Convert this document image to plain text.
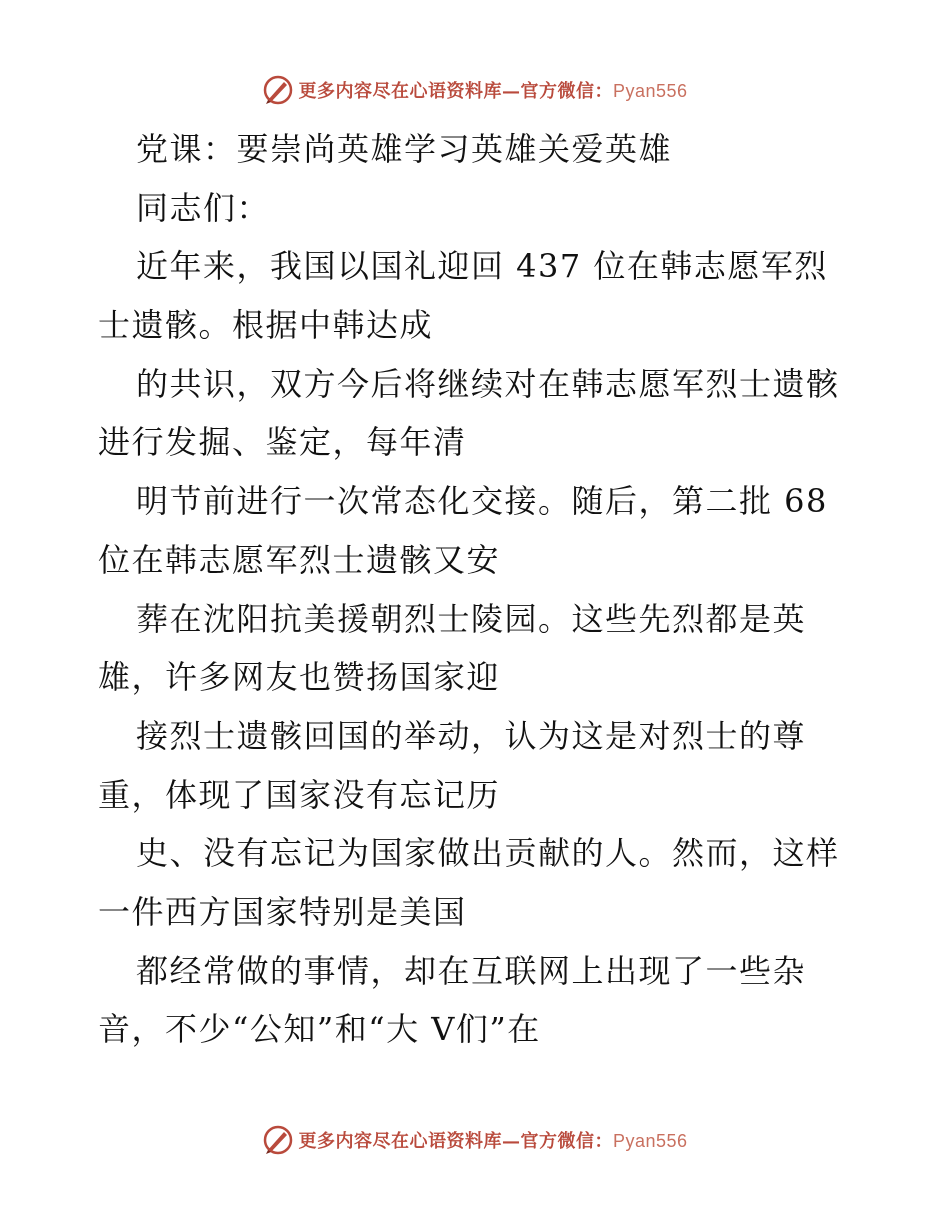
更多内容尽在心语资料库—官方微信：Pyan556
党课：要崇尚英雄学习英雄关爱英雄
同志们：
近年来，我国以国礼迎回 437 位在韩志愿军烈
士遗骸。根据中韩达成
的共识，双方今后将继续对在韩志愿军烈士遗骸
进行发掘、鉴定，每年清
明节前进行一次常态化交接。随后，第二批 68
位在韩志愿军烈士遗骸又安
葬在沈阳抗美援朝烈士陵园。这些先烈都是英
雄，许多网友也赞扬国家迎
接烈士遗骸回国的举动，认为这是对烈士的尊
重，体现了国家没有忘记历
史、没有忘记为国家做出贡献的人。然而，这样
一件西方国家特别是美国
都经常做的事情，却在互联网上出现了一些杂
音，不少“公知”和“大 V们”在
更多内容尽在心语资料库—官方微信：Pyan556
